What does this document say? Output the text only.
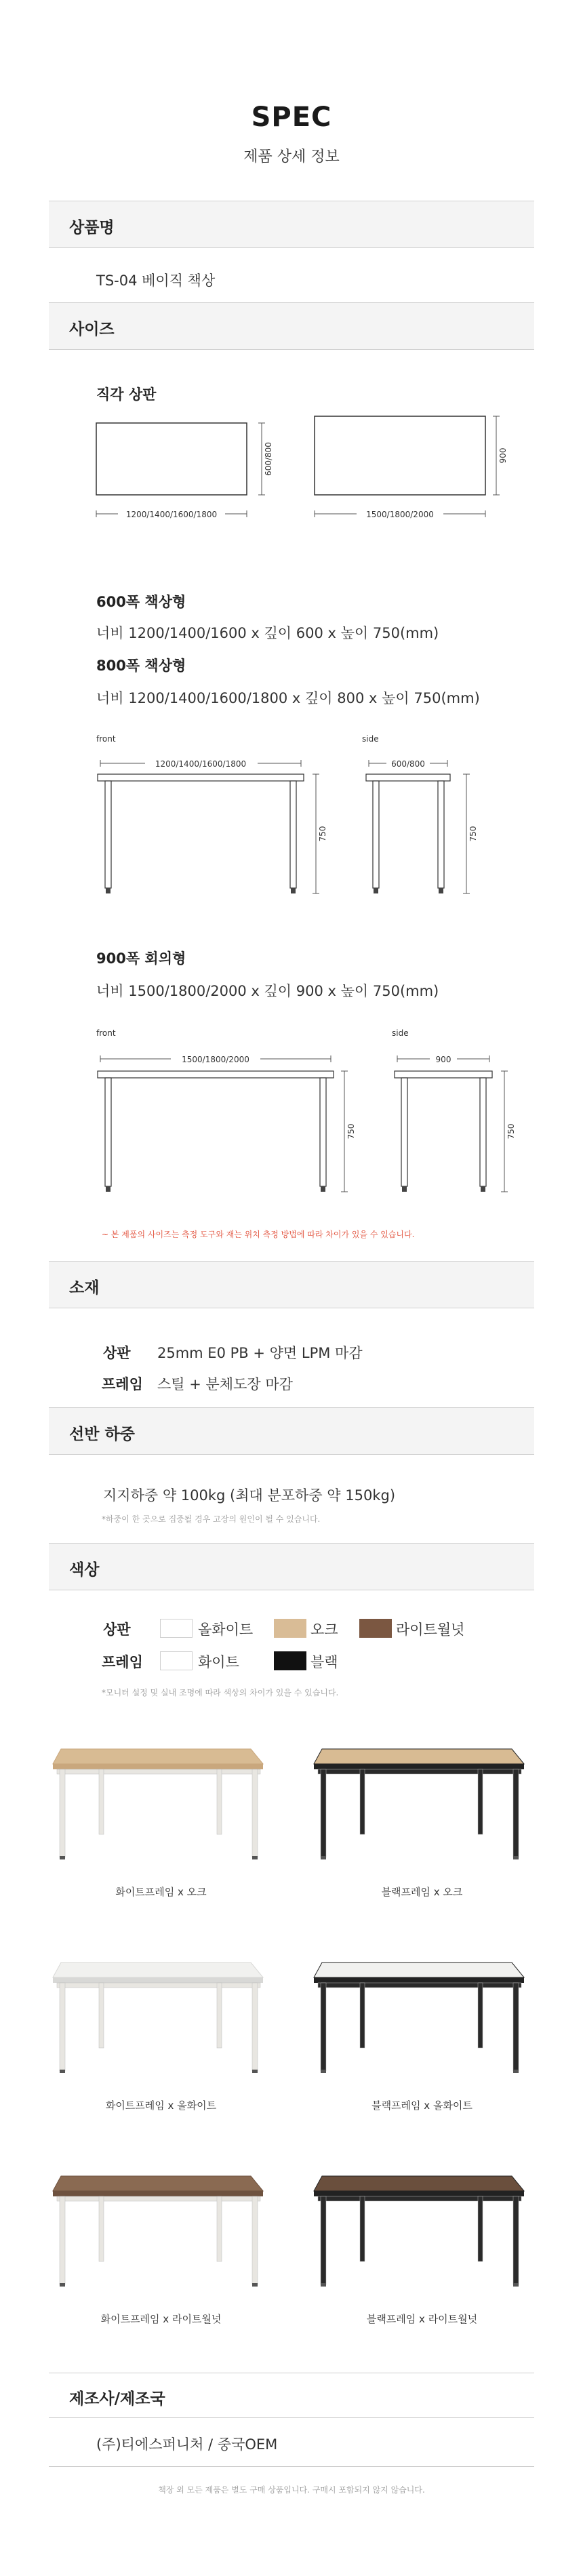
SPEC
제품 상세 정보
상품명
TS-04 베이직 책상
사이즈
직각 상판
600/800
1200/1400/1600/1800
900
1500/1800/2000
600폭 책상형
너비 1200/1400/1600 x 깊이 600 x 높이 750(mm)
800폭 책상형
너비 1200/1400/1600/1800 x 깊이 800 x 높이 750(mm)
front
1200/1400/1600/1800
750
side
600/800
750
900폭 회의형
너비 1500/1800/2000 x 깊이 900 x 높이 750(mm)
front
1500/1800/2000
750
side
900
750
~ 본 제품의 사이즈는 측정 도구와 재는 위치 측정 방법에 따라 차이가 있을 수 있습니다.
소재
상판 25mm E0 PB + 양면 LPM 마감
프레임 스틸 + 분체도장 마감
선반 하중
지지하중 약 100kg (최대 분포하중 약 150kg)
*하중이 한 곳으로 집중될 경우 고장의 원인이 될 수 있습니다.
색상
상판	올화이트	오크	라이트월넛
프레임	화이트	블랙
*모니터 설정 및 실내 조명에 따라 색상의 차이가 있을 수 있습니다.
화이트프레임 x 오크	블랙프레임 x 오크
화이트프레임 x 올화이트	블랙프레임 x 올화이트
화이트프레임 x 라이트월넛	블랙프레임 x 라이트월넛
제조사/제조국
(주)티에스퍼니처 / 중국OEM
책장 외 모든 제품은 별도 구매 상품입니다. 구매시 포함되지 않지 않습니다.
